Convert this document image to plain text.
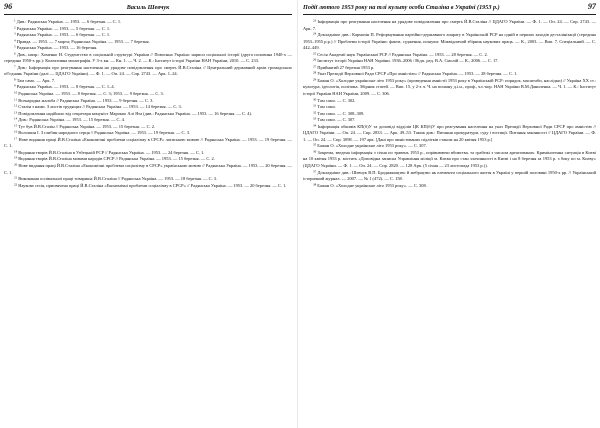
96	Василь Шевчук

$^1$ Див.: Радянська Україна. — 1953. — 6 березня. — С. 1.

$^2$ Радянська Україна. — 1953. — 5 березня. — С. 1.

$^3$ Радянська Україна. — 1953. — 6 березня. — С. 1.

$^4$ Правда. — 1953. — 7 марта; Радянська Україна. — 1953. — 7 березня.

$^5$ Радянська Україна. — 1953. — 16 березня.

$^6$ Див., напр.: Хоменко Н. Студентство в соціальній структурі України // Повоєнна Україна: нариси соціальної історії (друга половина 1940-х — середина 1950-х рр.): Колективна монографія. У 3-х кн. — Кн. 1. — Ч. 2. — К.: Інститут історії України НАН України, 2010. — С. 233.

$^7$ Див.: Інформація про реагування населення на урядове повідомлення про смерть Й.В.Сталіна // Центральний державний архів громадських об'єднань України (далі — ЦДАГО України). — Ф. 1. — Оп. 24. — Спр. 2743. — Арк. 1–24.

$^8$ Там само. — Арк. 7.

$^9$ Радянська Україна. — 1953. — 8 березня. — С. 1–4.

$^{10}$ Радянська Україна. — 1953. — 8 березня. — С. 3; 1953. — 9 березня. — С. 3.

$^{11}$ Всенародна жалоба // Радянська Україна. — 1953. — 9 березня. — С. 3.

$^{12}$ Сталін з нами. З листів трудящих // Радянська Україна. — 1953. — 14 березня. — С. 3.

$^{13}$ Повідомлення надійшло від секретаря комуніст Марокко Алі Ята (див.: Радянська Україна. — 1953. — 16 березня. — С. 4).

$^{14}$ Див.: Радянська Україна. — 1953. — 15 березня. — С. 4.

$^{15}$ Тут був Й.В.Сталін // Радянська Україна. — 1953. — 15 березня. — С. 2.

$^{16}$ Волошин І. З глибин народного серця // Радянська Україна. — 1953. — 19 березня. — С. 3.

$^{17}$ Нове видання праці Й.В.Сталіна «Економічні проблеми соціалізму в СРСР» латиською мовою // Радянська Україна. — 1953. — 19 березня. — С. 1.

$^{18}$ Видання творів Й.В.Сталіна в Узбецькій РСР // Радянська Україна. — 1953. — 24 березня. — С. 1.

$^{19}$ Видання творів Й.В.Сталіна мовами народів СРСР // Радянська Україна. — 1953. — 15 березня. — С. 2.

$^{20}$ Нове видання праці Й.В.Сталіна «Економічні проблеми соціалізму в СРСР» українською мовою // Радянська Україна. — 1953. — 20 березня. — С. 1.

$^{21}$ Виконання оспівальної праці товариша Й.В.Сталіна // Радянська Україна. — 1953. — 18 березня. — С. 3.

$^{22}$ Наукова сесія, присвячена праці Й.В.Сталіна «Економічні проблеми соціалізму в СРСР» // Радянська Україна. — 1953. — 20 березня. — С. 1.

Події лютого 1953 року на тлі культу особи Сталіна в Україні (1953 р.)	97

$^{23}$ Інформація про реагування населення на урядове повідомлення про смерть Й.В.Сталіна // ЦДАГО України. — Ф. 1. — Оп. 24. — Спр. 2743. — Арк. 7.

$^{24}$ Докладніше див.: Кармазін П. Реформування партійно-державного апарату в Українській РСР на одній в перших заходів десталінізації (середина 1953–1955 р.р.) // Проблеми історії України: факти, судження, пошуки: Міжвідомчий збірник наукових праць. — К., 2003. — Вип. 7. Спеціальний. — С. 442–449.

$^{25}$ Сесія Академії наук Української РСР // Радянська Україна. — 1953. — 28 березня. — С. 2.

$^{26}$ Інститут історії України НАН України. 1936–2006 / Відп. ред. В.А. Смолій — К., 2006. — С. 17.

$^{27}$ Прийнятий 27 березня 1953 р.

$^{28}$ Указ Президії Верховної Ради СРСР «Про амністію» // Радянська Україна. — 1953. — 28 березня. — С. 1.

$^{29}$ Бажан О. «Холодне українське літо 1953 року» (проведення амністії 1953 року в Українській РСР: порядок, масштаби, наслідки) // Україна XX ст.: культура, ідеологія, політика. Збірник статей. — Вип. 15, у 2-х ч. Ч. на пошану д.і.н., проф., чл.-кор. НАН України В.М.Даниленка. — Ч. 1. — К.: Інститут історії України НАН України, 2009. — С. 306.

$^{30}$ Там само. — С. 302.

$^{31}$ Там само.

$^{32}$ Там само. — С. 308–309.

$^{33}$ Там само. — С. 307.

$^{34}$ Інформація обкомів КП(б)У та доповіді відділів ЦК КП(б)У про реагування населення на указ Президії Верховної Ради СРСР про амністію // ЦДАГО України. — Оп. 24. — Спр. 2833. — Арк. 49–53. Також див.: Питання прокуратури, суду і юстиції. Питання законності // ЦДАГО України. — Ф. 1. — Оп. 24. — Спр. 3098. — 197 арк. [Дані про амністованих підлітків станом на 20 квітня 1953 р.]

$^{35}$ Бажан О. «Холодне українське літо 1953 року». — С. 307.

$^{36}$ Зокрема, зведена інформація з січня по травень 1953 р., порівнюючи вбивства, та грабежі з числом арештованих. Криміногенна ситуація в Києві на 10 квітня 1953 р. містить «Доповідна записка Управління міліції м. Києва про стан злочинності в Києві і на 8 березня за 1953 р. з боку по м. Києву» (ЦДАГО України. — Ф. 1. — Оп. 24. — Спр. 2820. — 128 Арк. (5 січня — 23 листопада 1953 р.)).

$^{37}$ Докладніше див.: Шевчук В.П. Бродяжництво й жебрацтво як елементи соціального життя в Україні у першій половині 1950-х рр. // Український історичний журнал. — 2007. — № 1 (472). — С. 158.

$^{38}$ Бажан О. «Холодне українське літо 1953 року». — С. 308.
